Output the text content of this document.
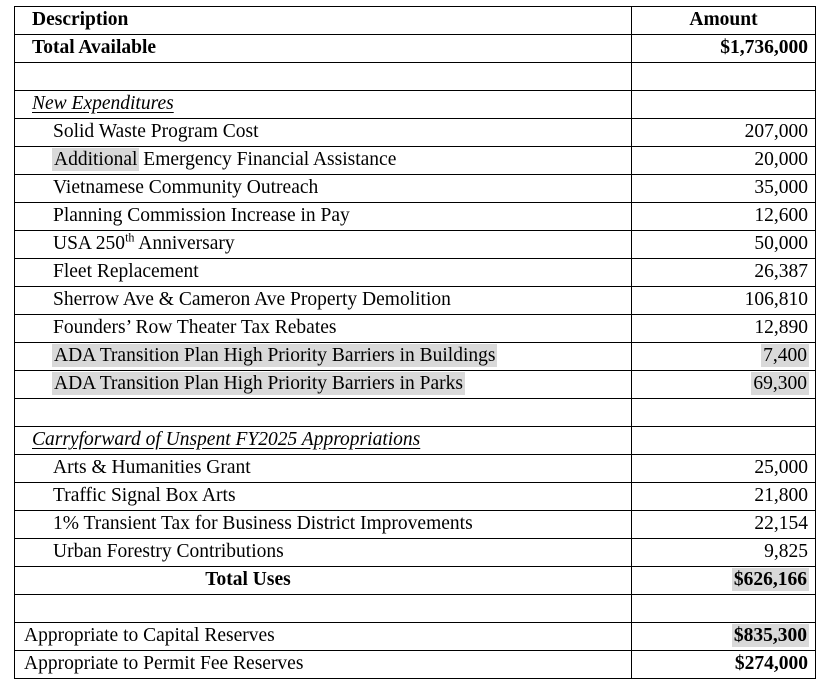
Description	Amount
Total Available	$1,736,000

New Expenditures	
Solid Waste Program Cost	207,000
Additional Emergency Financial Assistance	20,000
Vietnamese Community Outreach	35,000
Planning Commission Increase in Pay	12,600
USA 250th Anniversary	50,000
Fleet Replacement	26,387
Sherrow Ave & Cameron Ave Property Demolition	106,810
Founders’ Row Theater Tax Rebates	12,890
ADA Transition Plan High Priority Barriers in Buildings	7,400
ADA Transition Plan High Priority Barriers in Parks	69,300

Carryforward of Unspent FY2025 Appropriations	
Arts & Humanities Grant	25,000
Traffic Signal Box Arts	21,800
1% Transient Tax for Business District Improvements	22,154
Urban Forestry Contributions	9,825

Total Uses	$626,166

Appropriate to Capital Reserves	$835,300
Appropriate to Permit Fee Reserves	$274,000
